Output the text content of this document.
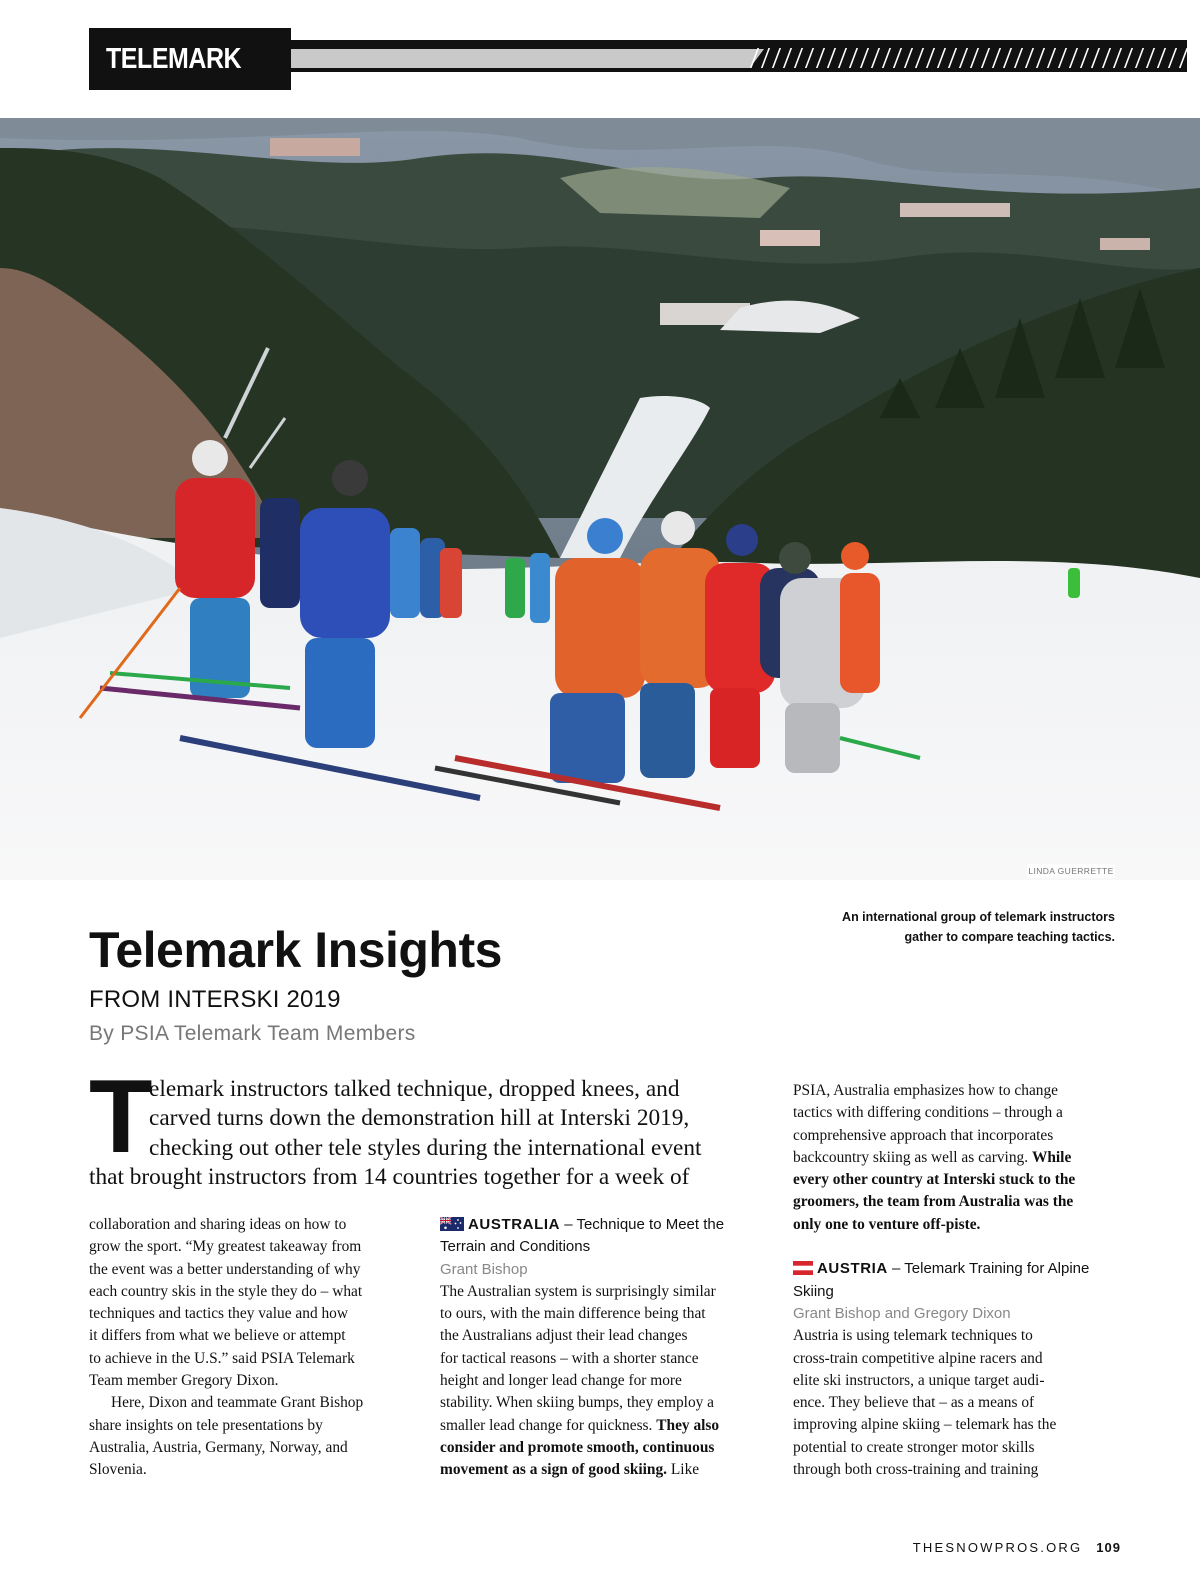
TELEMARK
LINDA GUERRETTE
An international group of telemark instructors
gather to compare teaching tactics.
Telemark Insights
FROM INTERSKI 2019
By PSIA Telemark Team Members
T
elemark instructors talked technique, dropped knees, and
carved turns down the demonstration hill at Interski 2019,
checking out other tele styles during the international event
that brought instructors from 14 countries together for a week of
collaboration and sharing ideas on how to
grow the sport. “My greatest takeaway from
the event was a better understanding of why
each country skis in the style they do – what
techniques and tactics they value and how
it differs from what we believe or attempt
to achieve in the U.S.” said PSIA Telemark
Team member Gregory Dixon.
Here, Dixon and teammate Grant Bishop
share insights on tele presentations by
Australia, Austria, Germany, Norway, and
Slovenia.
AUSTRALIA – Technique to Meet the
Terrain and Conditions
Grant Bishop
The Australian system is surprisingly similar
to ours, with the main difference being that
the Australians adjust their lead changes
for tactical reasons – with a shorter stance
height and longer lead change for more
stability. When skiing bumps, they employ a
smaller lead change for quickness. They also
consider and promote smooth, continuous
movement as a sign of good skiing. Like
PSIA, Australia emphasizes how to change
tactics with differing conditions – through a
comprehensive approach that incorporates
backcountry skiing as well as carving. While
every other country at Interski stuck to the
groomers, the team from Australia was the
only one to venture off-piste.
AUSTRIA – Telemark Training for Alpine
Skiing
Grant Bishop and Gregory Dixon
Austria is using telemark techniques to
cross-train competitive alpine racers and
elite ski instructors, a unique target audi-
ence. They believe that – as a means of
improving alpine skiing – telemark has the
potential to create stronger motor skills
through both cross-training and training
THESNOWPROS.ORG 109
